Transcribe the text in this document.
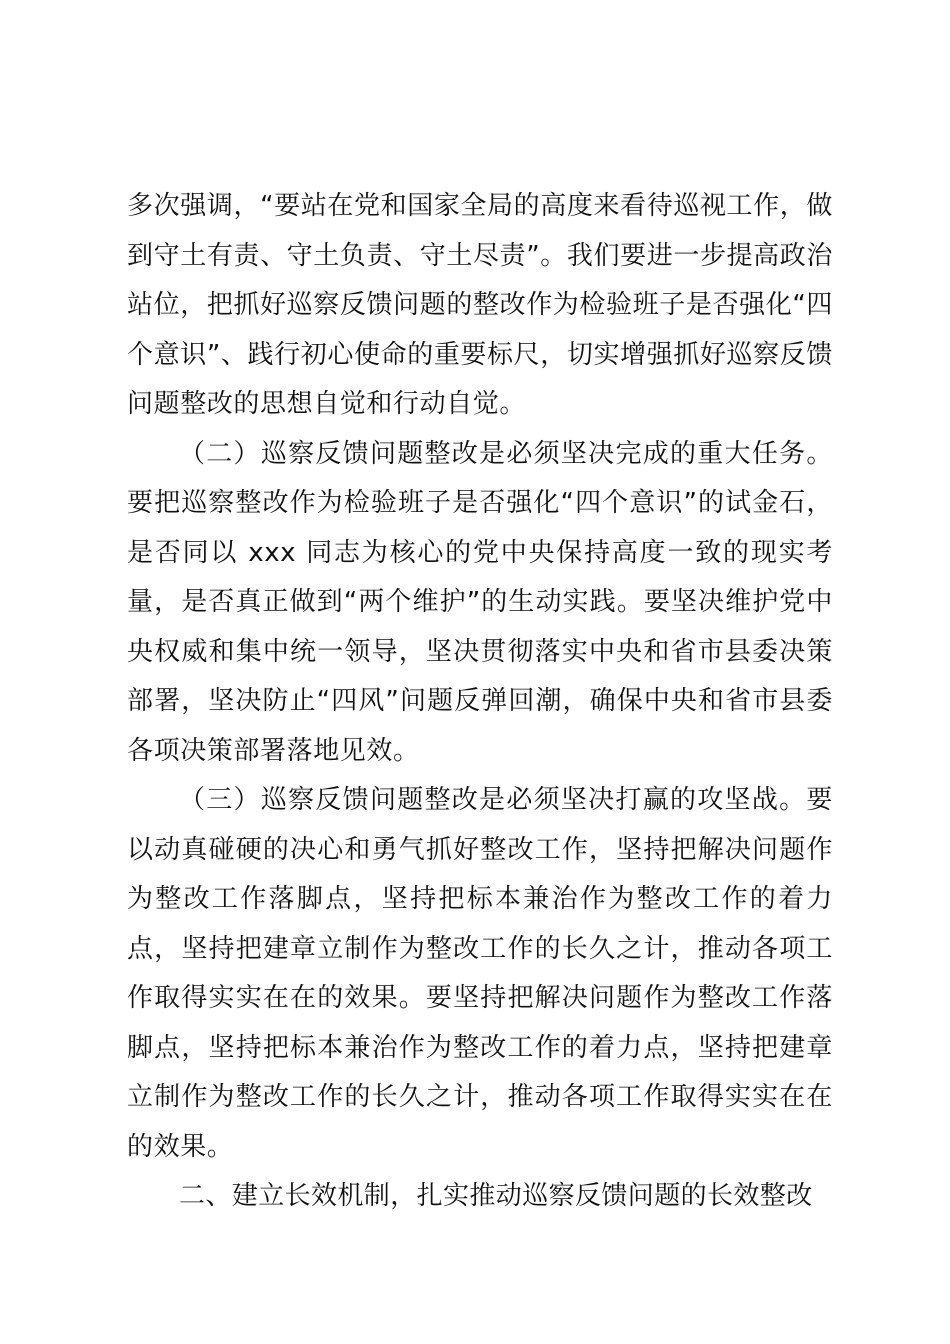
多次强调，“要站在党和国家全局的高度来看待巡视工作，做到守土有责、守土负责、守土尽责”。我们要进一步提高政治站位，把抓好巡察反馈问题的整改作为检验班子是否强化“四个意识”、践行初心使命的重要标尺，切实增强抓好巡察反馈问题整改的思想自觉和行动自觉。

（二）巡察反馈问题整改是必须坚决完成的重大任务。要把巡察整改作为检验班子是否强化“四个意识”的试金石，是否同以 xxx 同志为核心的党中央保持高度一致的现实考量，是否真正做到“两个维护”的生动实践。要坚决维护党中央权威和集中统一领导，坚决贯彻落实中央和省市县委决策部署，坚决防止“四风”问题反弹回潮，确保中央和省市县委各项决策部署落地见效。

（三）巡察反馈问题整改是必须坚决打赢的攻坚战。要以动真碰硬的决心和勇气抓好整改工作，坚持把解决问题作为整改工作落脚点，坚持把标本兼治作为整改工作的着力点，坚持把建章立制作为整改工作的长久之计，推动各项工作取得实实在在的效果。要坚持把解决问题作为整改工作落脚点，坚持把标本兼治作为整改工作的着力点，坚持把建章立制作为整改工作的长久之计，推动各项工作取得实实在在的效果。

二、建立长效机制，扎实推动巡察反馈问题的长效整改
